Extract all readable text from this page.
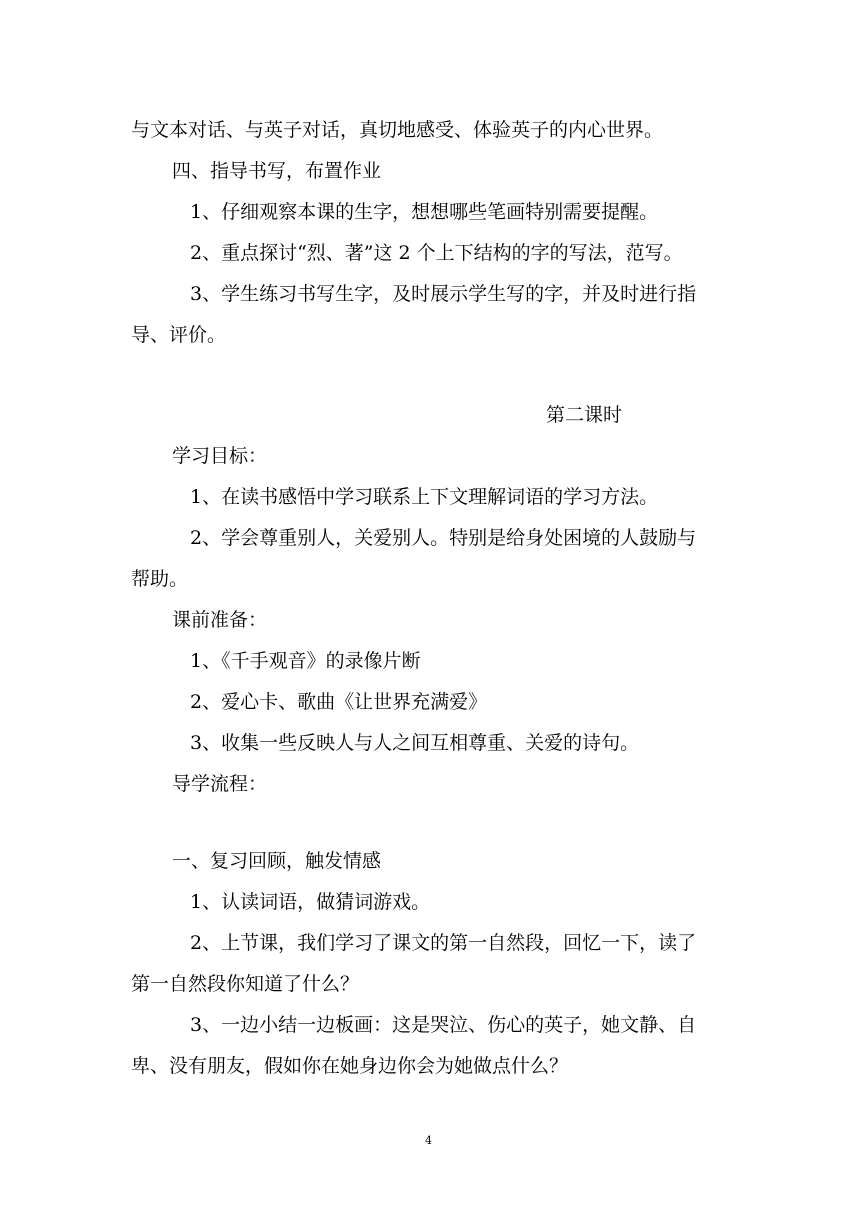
与文本对话、与英子对话，真切地感受、体验英子的内心世界。
四、指导书写，布置作业
1、仔细观察本课的生字，想想哪些笔画特别需要提醒。
2、重点探讨“烈、著”这 2 个上下结构的字的写法，范写。
3、学生练习书写生字，及时展示学生写的字，并及时进行指
导、评价。
第二课时
学习目标：
1、在读书感悟中学习联系上下文理解词语的学习方法。
2、学会尊重别人，关爱别人。特别是给身处困境的人鼓励与
帮助。
课前准备：
1、《千手观音》的录像片断
2、爱心卡、歌曲《让世界充满爱》
3、收集一些反映人与人之间互相尊重、关爱的诗句。
导学流程：
一、复习回顾，触发情感
1、认读词语，做猜词游戏。
2、上节课，我们学习了课文的第一自然段，回忆一下，读了
第一自然段你知道了什么？
3、一边小结一边板画：这是哭泣、伤心的英子，她文静、自
卑、没有朋友，假如你在她身边你会为她做点什么？
4
